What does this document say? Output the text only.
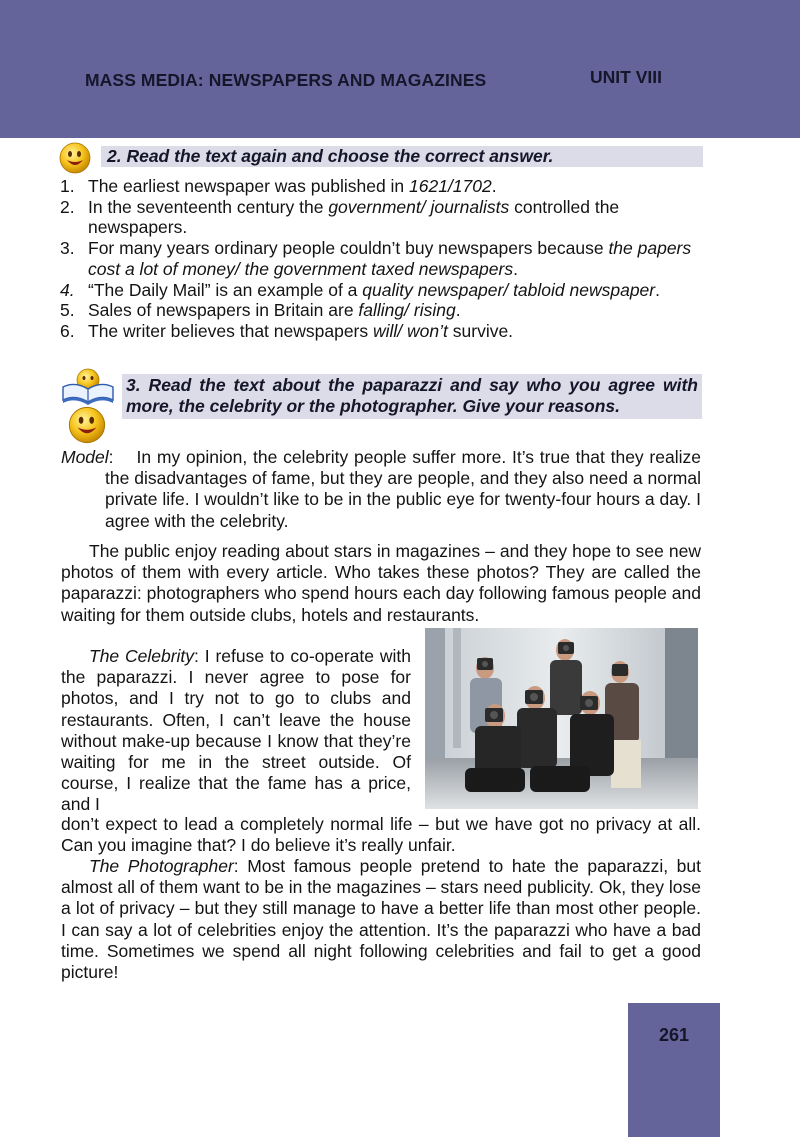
MASS MEDIA: NEWSPAPERS AND MAGAZINES	UNIT VIII
2. Read the text again and choose the correct answer.
1. The earliest newspaper was published in 1621/1702.
2. In the seventeenth century the government/ journalists controlled the newspapers.
3. For many years ordinary people couldn’t buy newspapers because the papers cost a lot of money/ the government taxed newspapers.
4. “The Daily Mail” is an example of a quality newspaper/ tabloid newspaper.
5. Sales of newspapers in Britain are falling/ rising.
6. The writer believes that newspapers will/ won’t survive.
3. Read the text about the paparazzi and say who you agree with more, the celebrity or the photographer. Give your reasons.
Model:    In my opinion, the celebrity people suffer more. It’s true that they realize the disadvantages of fame, but they are people, and they also need a normal private life. I wouldn’t like to be in the public eye for twenty-four hours a day. I agree with the celebrity.
The public enjoy reading about stars in magazines – and they hope to see new photos of them with every article. Who takes these photos? They are called the paparazzi: photographers who spend hours each day following famous people and waiting for them outside clubs, hotels and restaurants.
The Celebrity: I refuse to co-operate with the paparazzi. I never agree to pose for photos, and I try not to go to clubs and restaurants. Often, I can’t leave the house without make-up because I know that they’re waiting for me in the street outside. Of course, I realize that the fame has a price, and I
don’t expect to lead a completely normal life – but we have got no privacy at all. Can you imagine that? I do believe it’s really unfair.
The Photographer: Most famous people pretend to hate the paparazzi, but almost all of them want to be in the magazines – stars need publicity. Ok, they lose a lot of privacy – but they still manage to have a better life than most other people. I can say a lot of celebrities enjoy the attention. It’s the paparazzi who have a bad time. Sometimes we spend all night following celebrities and fail to get a good picture!
261
